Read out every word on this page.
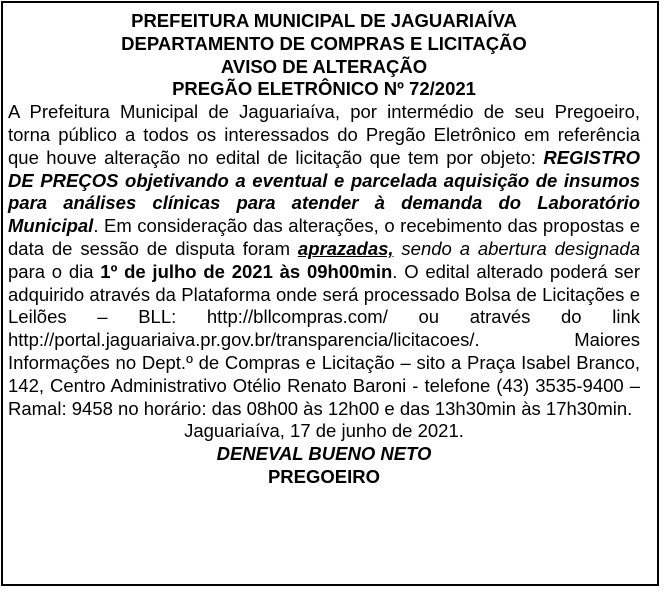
PREFEITURA MUNICIPAL DE JAGUARIAÍVA
DEPARTAMENTO DE COMPRAS E LICITAÇÃO
AVISO DE ALTERAÇÃO
PREGÃO ELETRÔNICO Nº 72/2021
A Prefeitura Municipal de Jaguariaíva, por intermédio de seu Pregoeiro, torna público a todos os interessados do Pregão Eletrônico em referência que houve alteração no edital de licitação que tem por objeto: REGISTRO DE PREÇOS objetivando a eventual e parcelada aquisição de insumos para análises clínicas para atender à demanda do Laboratório Municipal. Em consideração das alterações, o recebimento das propostas e data de sessão de disputa foram aprazadas, sendo a abertura designada para o dia 1º de julho de 2021 às 09h00min. O edital alterado poderá ser adquirido através da Plataforma onde será processado Bolsa de Licitações e Leilões – BLL: http://bllcompras.com/ ou através do link http://portal.jaguariaiva.pr.gov.br/transparencia/licitacoes/. Maiores Informações no Dept.º de Compras e Licitação – sito a Praça Isabel Branco, 142, Centro Administrativo Otélio Renato Baroni - telefone (43) 3535-9400 – Ramal: 9458 no horário: das 08h00 às 12h00 e das 13h30min às 17h30min.
Jaguariaíva, 17 de junho de 2021.
DENEVAL BUENO NETO
PREGOEIRO
